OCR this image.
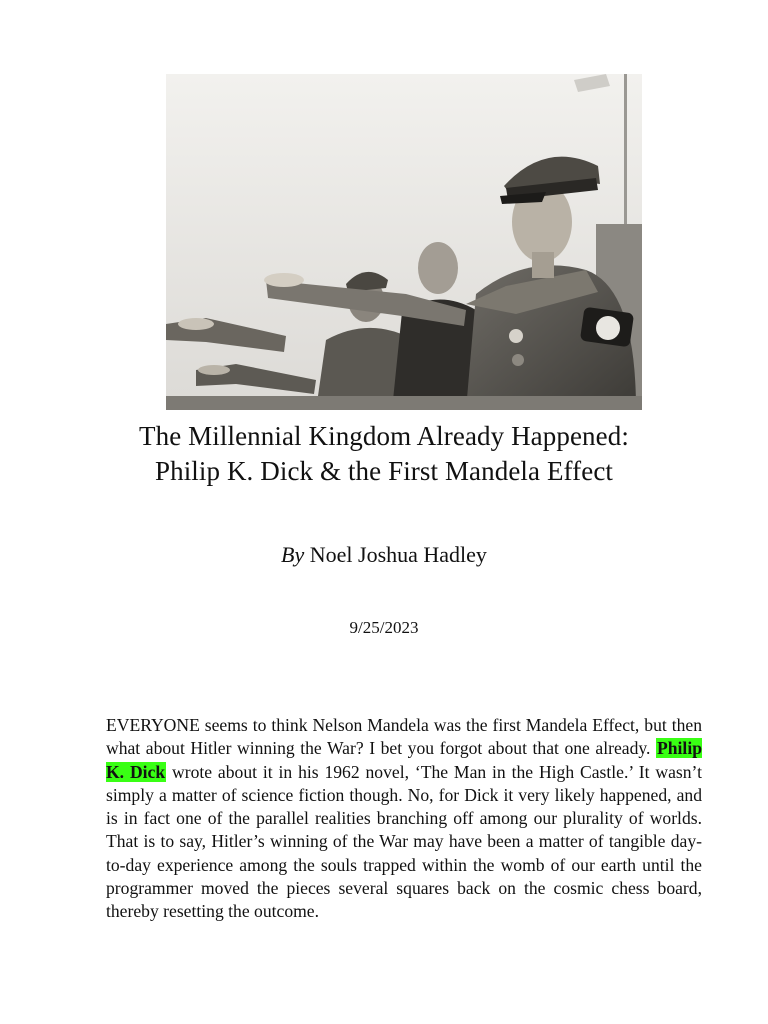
The Millennial Kingdom Already Happened:
Philip K. Dick & the First Mandela Effect
By Noel Joshua Hadley
9/25/2023

EVERYONE seems to think Nelson Mandela was the first Mandela Effect, but then what about Hitler winning the War? I bet you forgot about that one already. Philip K. Dick wrote about it in his 1962 novel, ‘The Man in the High Castle.’ It wasn’t simply a matter of science fiction though. No, for Dick it very likely happened, and is in fact one of the parallel realities branching off among our plurality of worlds. That is to say, Hitler’s winning of the War may have been a matter of tangible day-to-day experience among the souls trapped within the womb of our earth until the programmer moved the pieces several squares back on the cosmic chess board, thereby resetting the outcome.
